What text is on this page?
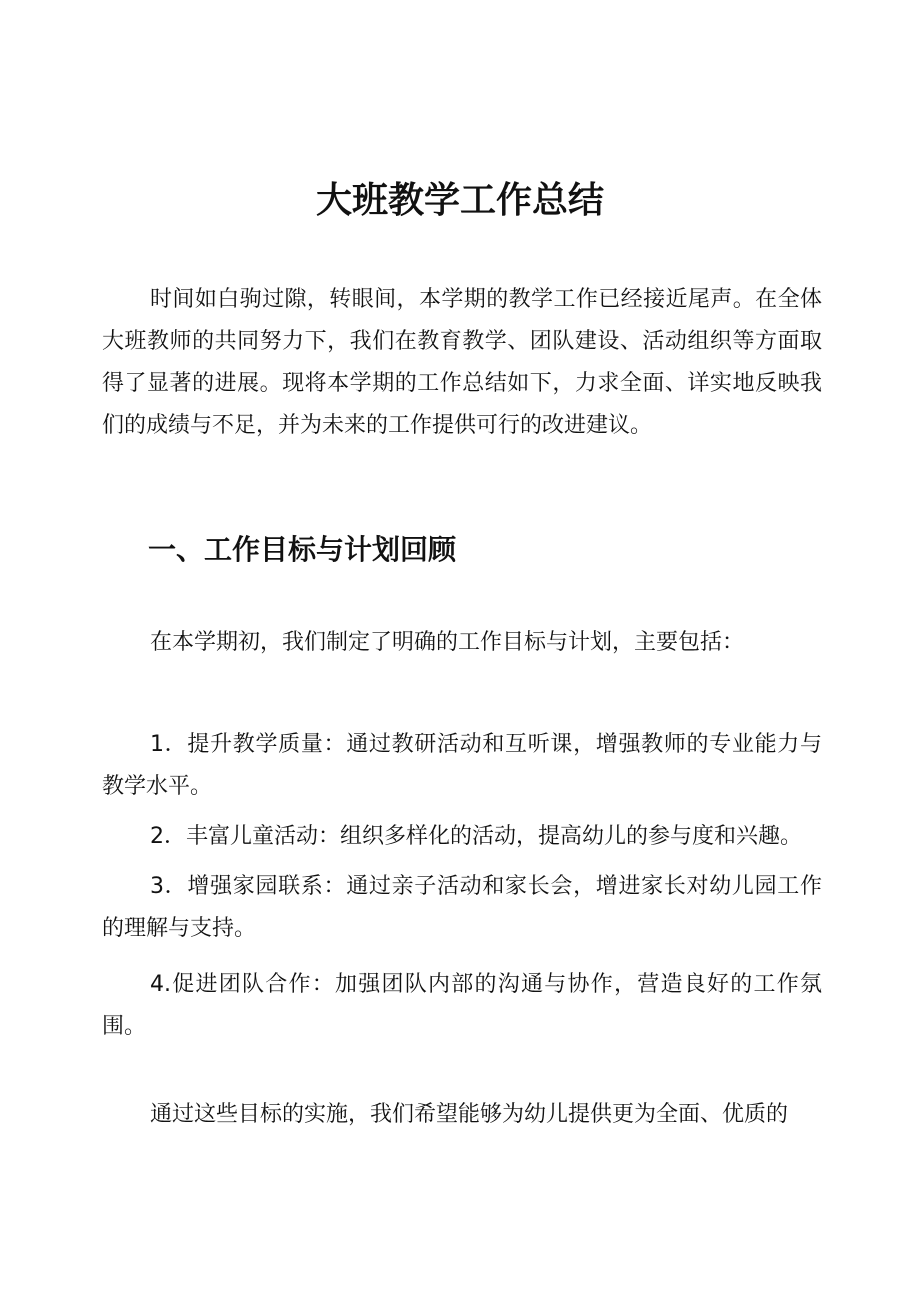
大班教学工作总结

时间如白驹过隙，转眼间，本学期的教学工作已经接近尾声。在全体大班教师的共同努力下，我们在教育教学、团队建设、活动组织等方面取得了显著的进展。现将本学期的工作总结如下，力求全面、详实地反映我们的成绩与不足，并为未来的工作提供可行的改进建议。

一、工作目标与计划回顾

在本学期初，我们制定了明确的工作目标与计划，主要包括：

1．提升教学质量：通过教研活动和互听课，增强教师的专业能力与教学水平。

2．丰富儿童活动：组织多样化的活动，提高幼儿的参与度和兴趣。

3．增强家园联系：通过亲子活动和家长会，增进家长对幼儿园工作的理解与支持。

4.促进团队合作：加强团队内部的沟通与协作，营造良好的工作氛围。

通过这些目标的实施，我们希望能够为幼儿提供更为全面、优质的
